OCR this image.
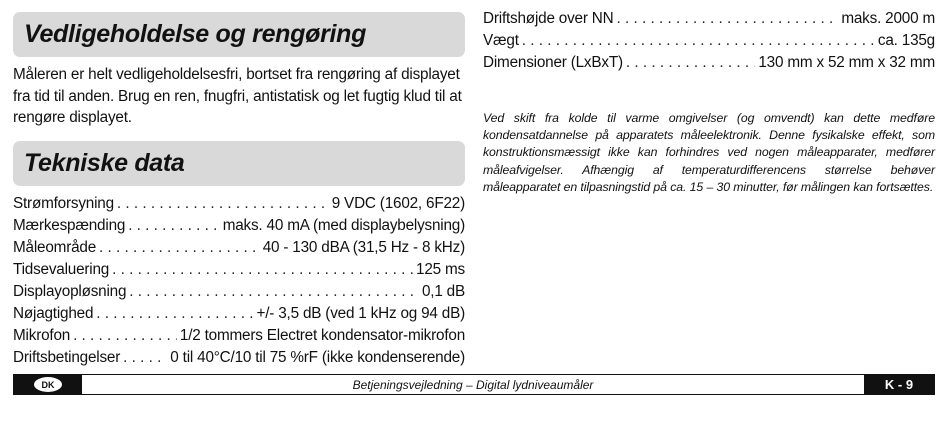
Vedligeholdelse og rengøring

Måleren er helt vedligeholdelsesfri, bortset fra rengøring af displayet fra tid til anden. Brug en ren, fnugfri, antistatisk og let fugtig klud til at rengøre displayet.

Tekniske data
Strømforsyning . . .	9 VDC (1602, 6F22)
Mærkespænding . . .	maks. 40 mA (med displaybelysning)
Måleområde . . .	40 - 130 dBA (31,5 Hz - 8 kHz)
Tidsevaluering . . .	125 ms
Displayopløsning . . .	0,1 dB
Nøjagtighed . . .	+/- 3,5 dB (ved 1 kHz og 94 dB)
Mikrofon . . .	1/2 tommers Electret kondensator-mikrofon
Driftsbetingelser . . .	0 til 40°C/10 til 75 %rF (ikke kondenserende)
Driftshøjde over NN . . .	maks. 2000 m
Vægt . . .	ca. 135g
Dimensioner (LxBxT) . . .	130 mm x 52 mm x 32 mm

Ved skift fra kolde til varme omgivelser (og omvendt) kan dette medføre kondensatdannelse på apparatets måleelektronik. Denne fysikalske effekt, som konstruktionsmæssigt ikke kan forhindres ved nogen måleapparater, medfører måleafvigelser. Afhængig af temperaturdifferencens størrelse behøver måleapparatet en tilpasningstid på ca. 15 – 30 minutter, før målingen kan fortsættes.

DK	Betjeningsvejledning – Digital lydniveaumåler	K - 9
